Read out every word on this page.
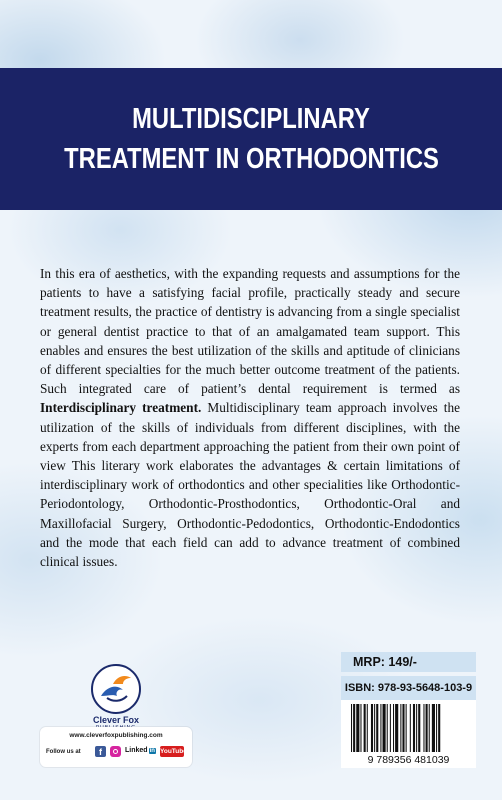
MULTIDISCIPLINARY
TREATMENT IN ORTHODONTICS
In this era of aesthetics, with the expanding requests and assumptions for the patients to have a satisfying facial profile, practically steady and secure treatment results, the practice of dentistry is advancing from a single specialist or general dentist practice to that of an amalgamated team support. This enables and ensures the best utilization of the skills and aptitude of clinicians of different specialties for the much better outcome treatment of the patients. Such integrated care of patient’s dental requirement is termed as Interdisciplinary treatment. Multidisciplinary team approach involves the utilization of the skills of individuals from different disciplines, with the experts from each department approaching the patient from their own point of view This literary work elaborates the advantages & certain limitations of interdisciplinary work of orthodontics and other specialities like Orthodontic-Periodontology, Orthodontic-Prosthodontics, Orthodontic-Oral and Maxillofacial Surgery, Orthodontic-Pedodontics, Orthodontic-Endodontics and the mode that each field can add to advance treatment of combined clinical issues.
Clever Fox
www.cleverfoxpublishing.com
Follow us at	f	Linked in YouTube
MRP: 149/-
ISBN: 978-93-5648-103-9
9 789356 481039
